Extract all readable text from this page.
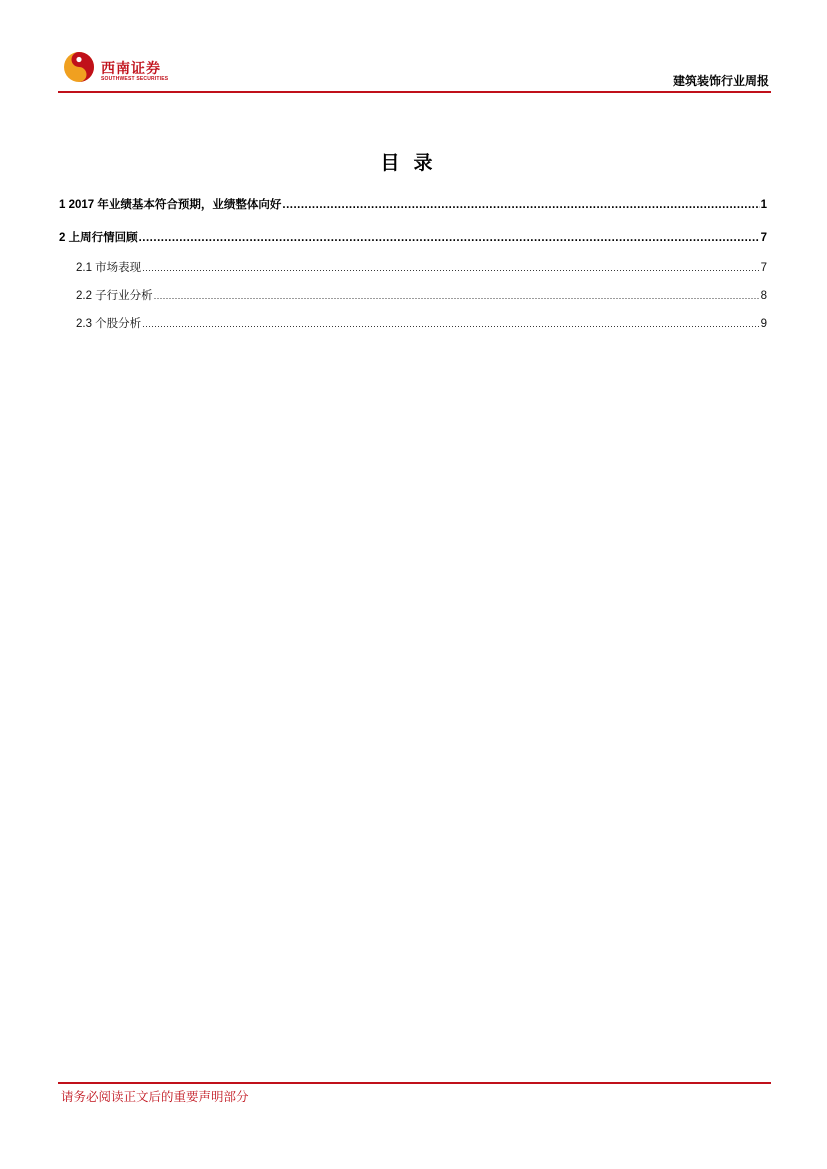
西南证券
SOUTHWEST SECURITIES	建筑装饰行业周报
目录
1 2017 年业绩基本符合预期，业绩整体向好 .....	1
2 上周行情回顾 .....	7
2.1 市场表现 .....	7
2.2 子行业分析 .....	8
2.3 个股分析 .....	9
请务必阅读正文后的重要声明部分
